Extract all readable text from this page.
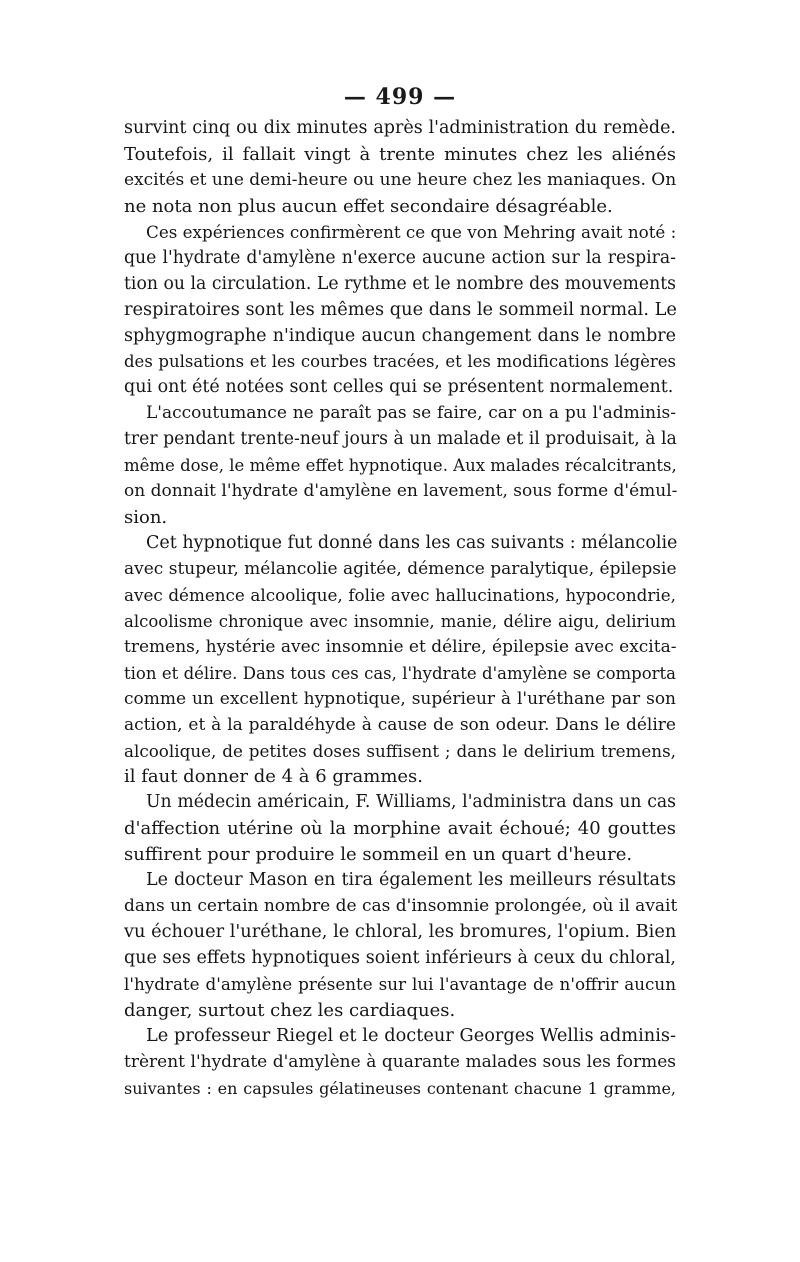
— 499 —
survint cinq ou dix minutes après l'administration du remède.
Toutefois, il fallait vingt à trente minutes chez les aliénés
excités et une demi-heure ou une heure chez les maniaques. On
ne nota non plus aucun effet secondaire désagréable.
Ces expériences confirmèrent ce que von Mehring avait noté :
que l'hydrate d'amylène n'exerce aucune action sur la respira-
tion ou la circulation. Le rythme et le nombre des mouvements
respiratoires sont les mêmes que dans le sommeil normal. Le
sphygmographe n'indique aucun changement dans le nombre
des pulsations et les courbes tracées, et les modifications légères
qui ont été notées sont celles qui se présentent normalement.
L'accoutumance ne paraît pas se faire, car on a pu l'adminis-
trer pendant trente-neuf jours à un malade et il produisait, à la
même dose, le même effet hypnotique. Aux malades récalcitrants,
on donnait l'hydrate d'amylène en lavement, sous forme d'émul-
sion.
Cet hypnotique fut donné dans les cas suivants : mélancolie
avec stupeur, mélancolie agitée, démence paralytique, épilepsie
avec démence alcoolique, folie avec hallucinations, hypocondrie,
alcoolisme chronique avec insomnie, manie, délire aigu, delirium
tremens, hystérie avec insomnie et délire, épilepsie avec excita-
tion et délire. Dans tous ces cas, l'hydrate d'amylène se comporta
comme un excellent hypnotique, supérieur à l'uréthane par son
action, et à la paraldéhyde à cause de son odeur. Dans le délire
alcoolique, de petites doses suffisent ; dans le delirium tremens,
il faut donner de 4 à 6 grammes.
Un médecin américain, F. Williams, l'administra dans un cas
d'affection utérine où la morphine avait échoué; 40 gouttes
suffirent pour produire le sommeil en un quart d'heure.
Le docteur Mason en tira également les meilleurs résultats
dans un certain nombre de cas d'insomnie prolongée, où il avait
vu échouer l'uréthane, le chloral, les bromures, l'opium. Bien
que ses effets hypnotiques soient inférieurs à ceux du chloral,
l'hydrate d'amylène présente sur lui l'avantage de n'offrir aucun
danger, surtout chez les cardiaques.
Le professeur Riegel et le docteur Georges Wellis adminis-
trèrent l'hydrate d'amylène à quarante malades sous les formes
suivantes : en capsules gélatineuses contenant chacune 1 gramme,
